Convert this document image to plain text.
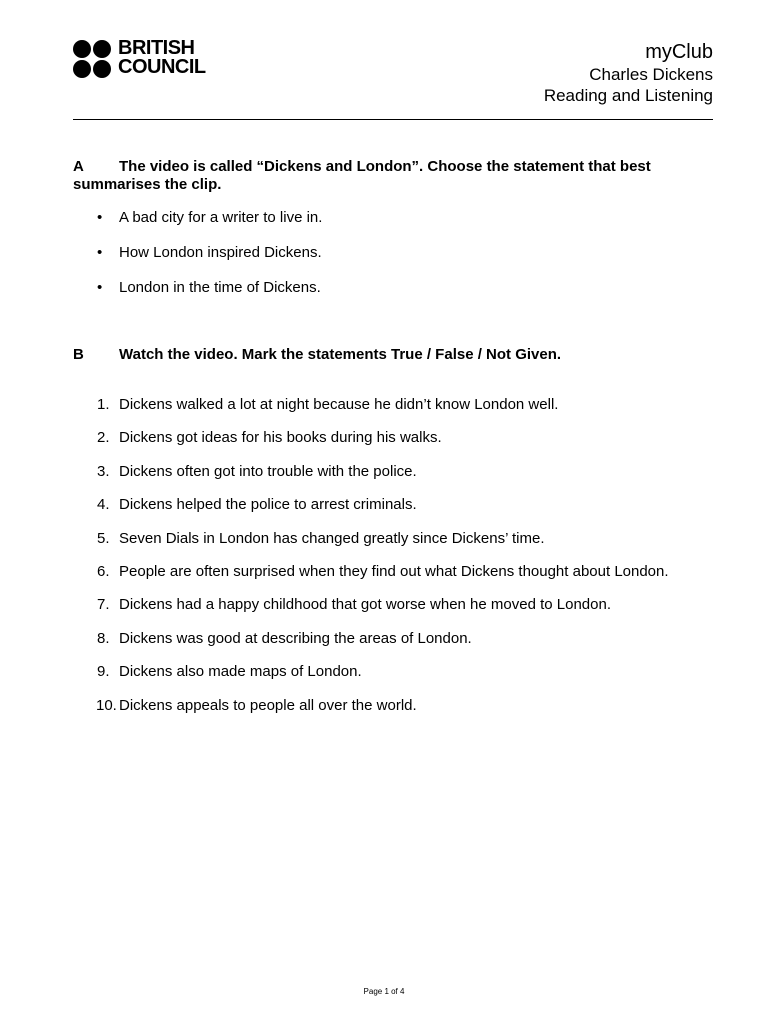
BRITISH
COUNCIL
myClub
Charles Dickens
Reading and Listening
A The video is called “Dickens and London”. Choose the statement that best summarises the clip.
• A bad city for a writer to live in.
• How London inspired Dickens.
• London in the time of Dickens.
B Watch the video. Mark the statements True / False / Not Given.
1. Dickens walked a lot at night because he didn’t know London well.
2. Dickens got ideas for his books during his walks.
3. Dickens often got into trouble with the police.
4. Dickens helped the police to arrest criminals.
5. Seven Dials in London has changed greatly since Dickens’ time.
6. People are often surprised when they find out what Dickens thought about London.
7. Dickens had a happy childhood that got worse when he moved to London.
8. Dickens was good at describing the areas of London.
9. Dickens also made maps of London.
10. Dickens appeals to people all over the world.
Page 1 of 4
